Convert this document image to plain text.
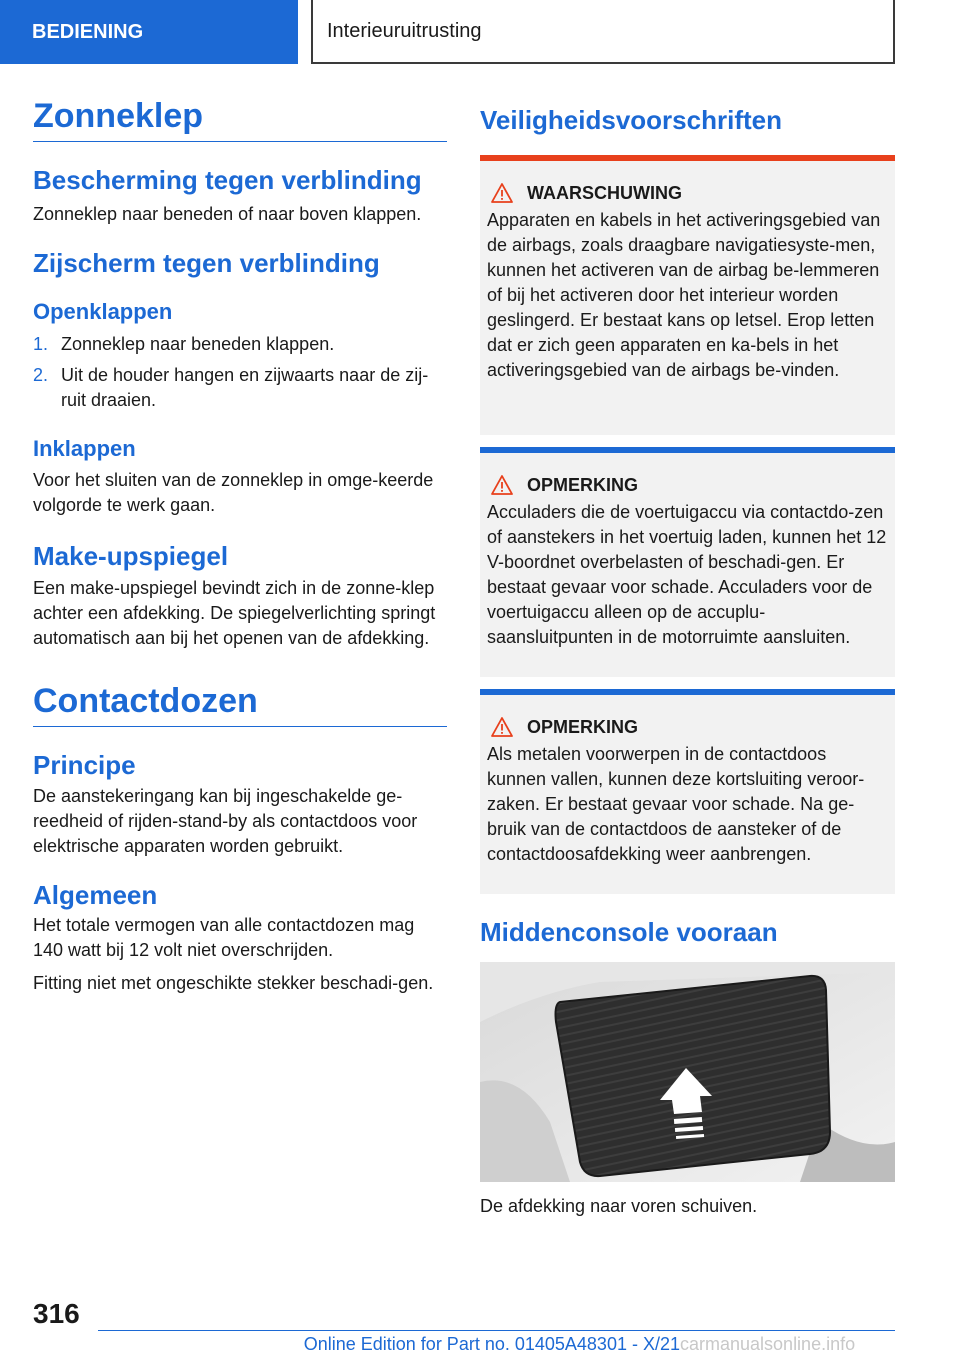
BEDIENING	Interieuruitrusting
Zonneklep
Bescherming tegen verblinding

Zonneklep naar beneden of naar boven klappen.

Zijscherm tegen verblinding
Openklappen
1. Zonneklep naar beneden klappen.
2. Uit de houder hangen en zijwaarts naar de zij-ruit draaien.
Inklappen

Voor het sluiten van de zonneklep in omge-keerde volgorde te werk gaan.

Make-upspiegel

Een make-upspiegel bevindt zich in de zonne-klep achter een afdekking. De spiegelverlichting springt automatisch aan bij het openen van de afdekking.

Contactdozen
Principe

De aanstekeringang kan bij ingeschakelde ge-reedheid of rijden-stand-by als contactdoos voor elektrische apparaten worden gebruikt.

Algemeen

Het totale vermogen van alle contactdozen mag 140 watt bij 12 volt niet overschrijden.

Fitting niet met ongeschikte stekker beschadi-gen.

Veiligheidsvoorschriften
WAARSCHUWING

Apparaten en kabels in het activeringsgebied van de airbags, zoals draagbare navigatiesyste-men, kunnen het activeren van de airbag be-lemmeren of bij het activeren door het interieur worden geslingerd. Er bestaat kans op letsel. Erop letten dat er zich geen apparaten en ka-bels in het activeringsgebied van de airbags be-vinden.

OPMERKING

Acculaders die de voertuigaccu via contactdo-zen of aanstekers in het voertuig laden, kunnen het 12 V-boordnet overbelasten of beschadi-gen. Er bestaat gevaar voor schade. Acculaders voor de voertuigaccu alleen op de accuplu-saansluitpunten in de motorruimte aansluiten.

OPMERKING

Als metalen voorwerpen in de contactdoos kunnen vallen, kunnen deze kortsluiting veroor-zaken. Er bestaat gevaar voor schade. Na ge-bruik van de contactdoos de aansteker of de contactdoosafdekking weer aanbrengen.

Middenconsole vooraan

De afdekking naar voren schuiven.

316
Online Edition for Part no. 01405A48301 - X/21 carmanualsonline.info
